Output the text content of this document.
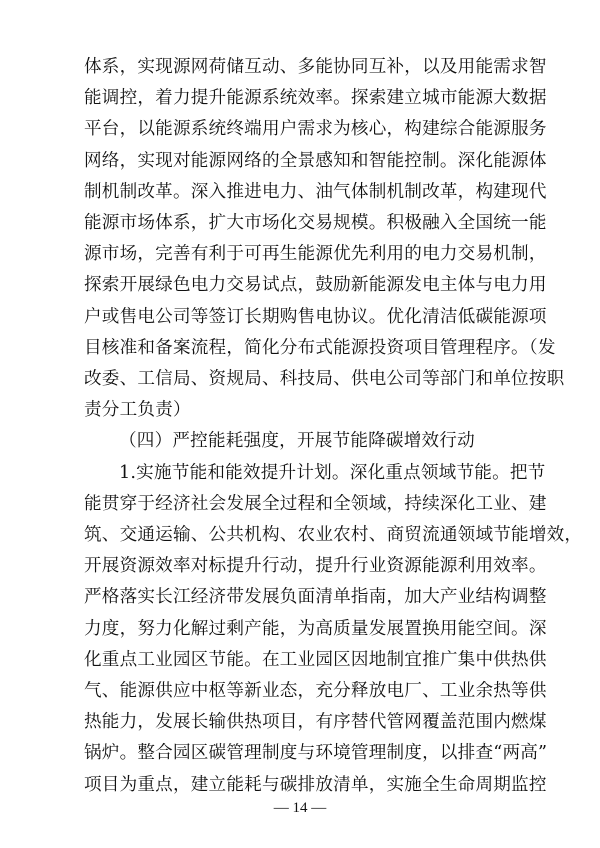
体系，实现源网荷储互动、多能协同互补，以及用能需求智
能调控，着力提升能源系统效率。探索建立城市能源大数据
平台，以能源系统终端用户需求为核心，构建综合能源服务
网络，实现对能源网络的全景感知和智能控制。深化能源体
制机制改革。深入推进电力、油气体制机制改革，构建现代
能源市场体系，扩大市场化交易规模。积极融入全国统一能
源市场，完善有利于可再生能源优先利用的电力交易机制，
探索开展绿色电力交易试点，鼓励新能源发电主体与电力用
户或售电公司等签订长期购售电协议。优化清洁低碳能源项
目核准和备案流程，简化分布式能源投资项目管理程序。（发
改委、工信局、资规局、科技局、供电公司等部门和单位按职
责分工负责）
（四）严控能耗强度，开展节能降碳增效行动
1.实施节能和能效提升计划。深化重点领域节能。把节
能贯穿于经济社会发展全过程和全领域，持续深化工业、建
筑、交通运输、公共机构、农业农村、商贸流通领域节能增效，
开展资源效率对标提升行动，提升行业资源能源利用效率。
严格落实长江经济带发展负面清单指南，加大产业结构调整
力度，努力化解过剩产能，为高质量发展置换用能空间。深
化重点工业园区节能。在工业园区因地制宜推广集中供热供
气、能源供应中枢等新业态，充分释放电厂、工业余热等供
热能力，发展长输供热项目，有序替代管网覆盖范围内燃煤
锅炉。整合园区碳管理制度与环境管理制度，以排查“两高”
项目为重点，建立能耗与碳排放清单，实施全生命周期监控
— 14 —
